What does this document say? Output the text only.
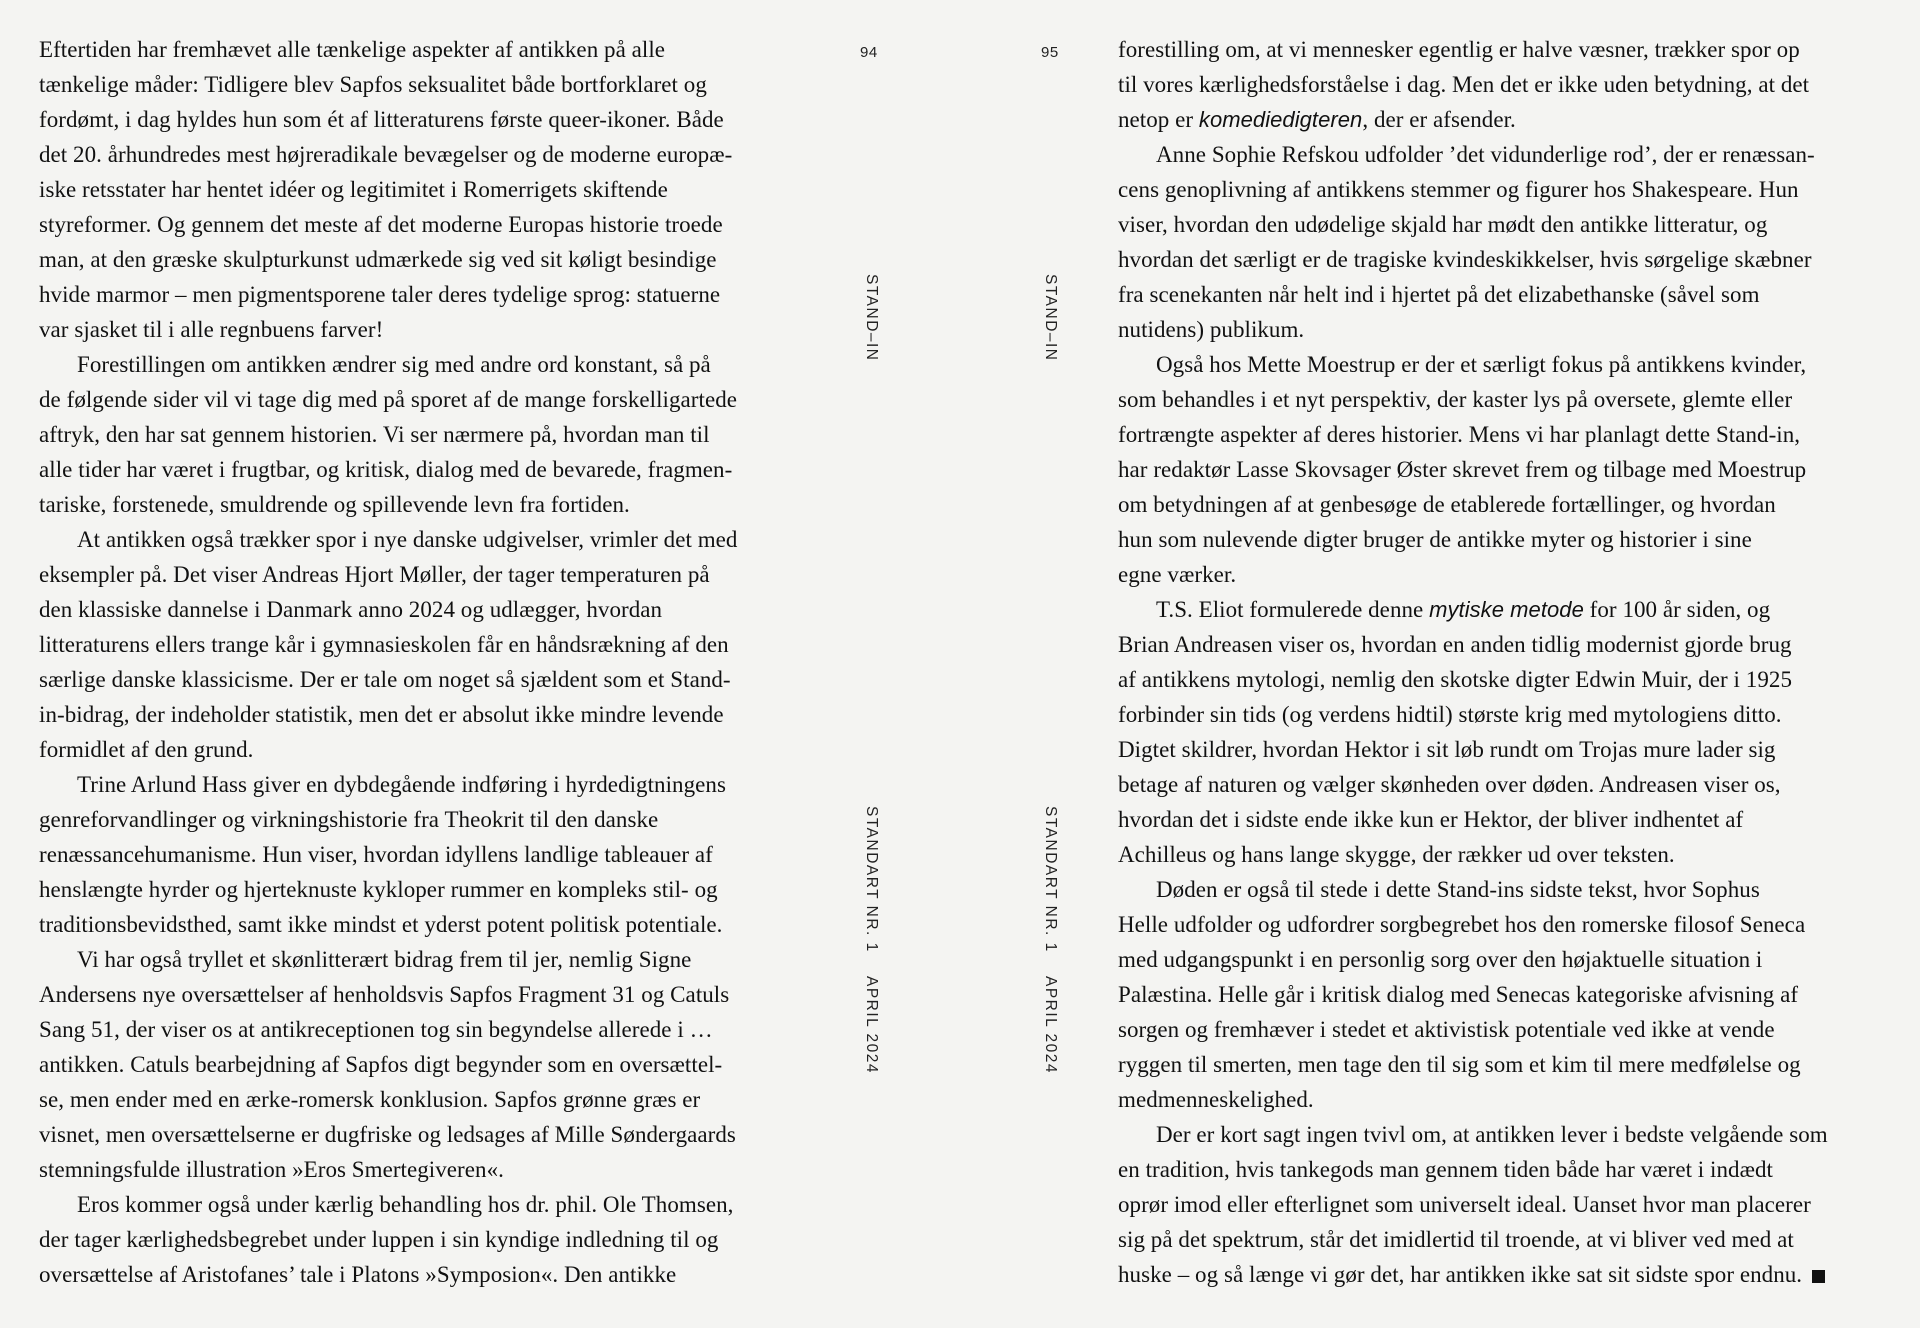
Eftertiden har fremhævet alle tænkelige aspekter af antikken på alle

tænkelige måder: Tidligere blev Sapfos seksualitet både bortforklaret og

fordømt, i dag hyldes hun som ét af litteraturens første queer-ikoner. Både

det 20. århundredes mest højreradikale bevægelser og de moderne europæ-

iske retsstater har hentet idéer og legitimitet i Romerrigets skiftende

styreformer. Og gennem det meste af det moderne Europas historie troede

man, at den græske skulpturkunst udmærkede sig ved sit køligt besindige

hvide marmor – men pigmentsporene taler deres tydelige sprog: statuerne

var sjasket til i alle regnbuens farver!

Forestillingen om antikken ændrer sig med andre ord konstant, så på

de følgende sider vil vi tage dig med på sporet af de mange forskelligartede

aftryk, den har sat gennem historien. Vi ser nærmere på, hvordan man til

alle tider har været i frugtbar, og kritisk, dialog med de bevarede, fragmen-

tariske, forstenede, smuldrende og spillevende levn fra fortiden.

At antikken også trækker spor i nye danske udgivelser, vrimler det med

eksempler på. Det viser Andreas Hjort Møller, der tager temperaturen på

den klassiske dannelse i Danmark anno 2024 og udlægger, hvordan

litteraturens ellers trange kår i gymnasieskolen får en håndsrækning af den

særlige danske klassicisme. Der er tale om noget så sjældent som et Stand-

in-bidrag, der indeholder statistik, men det er absolut ikke mindre levende

formidlet af den grund.

Trine Arlund Hass giver en dybdegående indføring i hyrdedigtningens

genreforvandlinger og virkningshistorie fra Theokrit til den danske

renæssancehumanisme. Hun viser, hvordan idyllens landlige tableauer af

henslængte hyrder og hjerteknuste kykloper rummer en kompleks stil- og

traditionsbevidsthed, samt ikke mindst et yderst potent politisk potentiale.

Vi har også tryllet et skønlitterært bidrag frem til jer, nemlig Signe

Andersens nye oversættelser af henholdsvis Sapfos Fragment 31 og Catuls

Sang 51, der viser os at antikreceptionen tog sin begyndelse allerede i …

antikken. Catuls bearbejdning af Sapfos digt begynder som en oversættel-

se, men ender med en ærke-romersk konklusion. Sapfos grønne græs er

visnet, men oversættelserne er dugfriske og ledsages af Mille Søndergaards

stemningsfulde illustration »Eros Smertegiveren«.

Eros kommer også under kærlig behandling hos dr. phil. Ole Thomsen,

der tager kærlighedsbegrebet under luppen i sin kyndige indledning til og

oversættelse af Aristofanes’ tale i Platons »Symposion«. Den antikke

94
STAND–IN
STANDART NR. 1
APRIL 2024
95
STAND–IN
STANDART NR. 1
APRIL 2024

forestilling om, at vi mennesker egentlig er halve væsner, trækker spor op

til vores kærlighedsforståelse i dag. Men det er ikke uden betydning, at det

netop er komediedigteren, der er afsender.

Anne Sophie Refskou udfolder ’det vidunderlige rod’, der er renæssan-

cens genoplivning af antikkens stemmer og figurer hos Shakespeare. Hun

viser, hvordan den udødelige skjald har mødt den antikke litteratur, og

hvordan det særligt er de tragiske kvindeskikkelser, hvis sørgelige skæbner

fra scenekanten når helt ind i hjertet på det elizabethanske (såvel som

nutidens) publikum.

Også hos Mette Moestrup er der et særligt fokus på antikkens kvinder,

som behandles i et nyt perspektiv, der kaster lys på oversete, glemte eller

fortrængte aspekter af deres historier. Mens vi har planlagt dette Stand-in,

har redaktør Lasse Skovsager Øster skrevet frem og tilbage med Moestrup

om betydningen af at genbesøge de etablerede fortællinger, og hvordan

hun som nulevende digter bruger de antikke myter og historier i sine

egne værker.

T.S. Eliot formulerede denne mytiske metode for 100 år siden, og

Brian Andreasen viser os, hvordan en anden tidlig modernist gjorde brug

af antikkens mytologi, nemlig den skotske digter Edwin Muir, der i 1925

forbinder sin tids (og verdens hidtil) største krig med mytologiens ditto.

Digtet skildrer, hvordan Hektor i sit løb rundt om Trojas mure lader sig

betage af naturen og vælger skønheden over døden. Andreasen viser os,

hvordan det i sidste ende ikke kun er Hektor, der bliver indhentet af

Achilleus og hans lange skygge, der rækker ud over teksten.

Døden er også til stede i dette Stand-ins sidste tekst, hvor Sophus

Helle udfolder og udfordrer sorgbegrebet hos den romerske filosof Seneca

med udgangspunkt i en personlig sorg over den højaktuelle situation i

Palæstina. Helle går i kritisk dialog med Senecas kategoriske afvisning af

sorgen og fremhæver i stedet et aktivistisk potentiale ved ikke at vende

ryggen til smerten, men tage den til sig som et kim til mere medfølelse og

medmenneskelighed.

Der er kort sagt ingen tvivl om, at antikken lever i bedste velgående som

en tradition, hvis tankegods man gennem tiden både har været i indædt

oprør imod eller efterlignet som universelt ideal. Uanset hvor man placerer

sig på det spektrum, står det imidlertid til troende, at vi bliver ved med at

huske – og så længe vi gør det, har antikken ikke sat sit sidste spor endnu.
